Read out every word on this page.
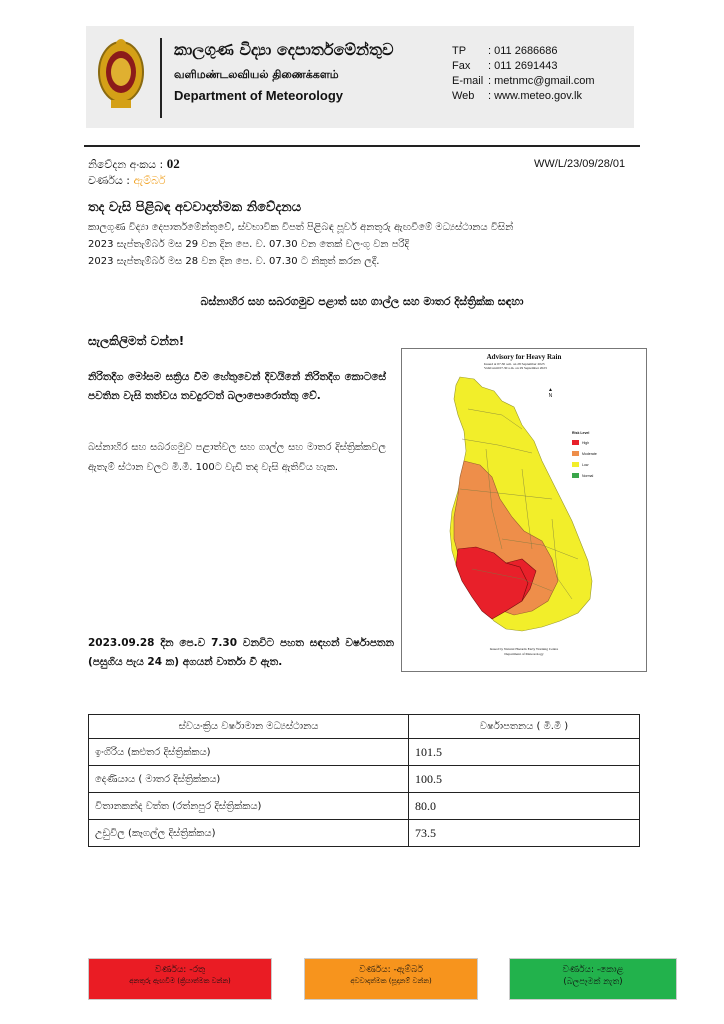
කාලගුණ විද්‍යා දෙපාර්තමේන්තුව
வளிமண்டலவியல் திணைக்களம்
Department of Meteorology
TP	: 011 2686686
Fax	: 011 2691443
E-mail : metnmc@gmail.com
Web	: www.meteo.gov.lk
නිවේදන අංකය : 02
වර්ණය : ඇම්බර්
WW/L/23/09/28/01
තද වැසි පිළිබඳ අවවාදාත්මක නිවේදනය
කාලගුණ විද්‍යා දෙපාර්තමේන්තුවේ, ස්වභාවික විපත් පිළිබඳ පූර්ව අනතුරු ඇඟවීමේ මධ්‍යස්ථානය විසින්
2023 සැප්තැම්බර් මස 29 වන දින පෙ. ව. 07.30 වන තෙක් වලංගු වන පරිදි
2023 සැප්තැම්බර් මස 28 වන දින පෙ. ව. 07.30 ට නිකුත් කරන ලදී.
බස්නාහිර සහ සබරගමුව පළාත් සහ ගාල්ල සහ මාතර දිස්ත්‍රික්ක සඳහා
සැලකිලිමත් වන්න!
නිරිතදිග මෝසම සක්‍රිය වීම හේතුවෙන් දිවයිනේ නිරිතදිග කොටසේ පවතින වැසි තත්වය තවදුරටත් බලාපොරොත්තු වේ.
බස්නාහිර සහ සබරගමුව පළාත්වල සහ ගාල්ල සහ මාතර දිස්ත්‍රික්කවල ඇතැම් ස්ථාන වලට මි.මී. 100ට වැඩි තද වැසි ඇතිවිය හැක.
Advisory for Heavy Rain
Issued at 07.30 a.m. on 28 September 2023
Valid until 07.30 a.m. on 29 September 2023
▲
N
Risk Level
High
Moderate
Low
Normal
Issued by Natural Hazards Early Warning Centre
Department of Meteorology
2023.09.28 දින පෙ.ව 7.30 වනවිට පහත සඳහන් වර්ෂාපතන (පසුගිය පැය 24 ක) අගයන් වාර්තා වී ඇත.
ස්වයංක්‍රිය වර්ෂාමාන මධ්‍යස්ථානය	වර්ෂාපතනය ( මි.මී )
ඉංගිරිය (කළුතර දිස්ත්‍රික්කය)	101.5
දෙණියාය ( මාතර දිස්ත්‍රික්කය)	100.5
විතානකන්ද වත්ත (රත්නපුර දිස්ත්‍රික්කය)	80.0
උඩුවිල (කෑගල්ල දිස්ත්‍රික්කය)	73.5
වර්ණය: -රතු
අනතුරු ඇඟවීම (ක්‍රියාත්මක වන්න)
වර්ණය: -ඇම්බර්
අවවාදාත්මක (සූදානම් වන්න)
වර්ණය: -කොළ
(බලපෑමක් නැත)
